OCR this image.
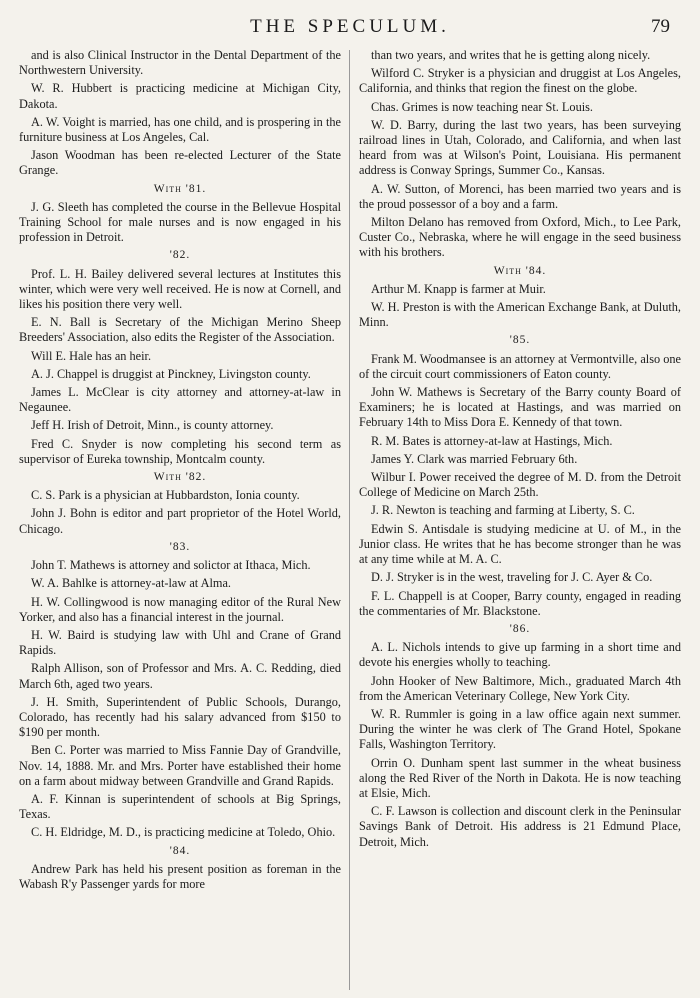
THE SPECULUM.	79

and is also Clinical Instructor in the Dental Department of the Northwestern University.

W. R. Hubbert is practicing medicine at Michigan City, Dakota.

A. W. Voight is married, has one child, and is prospering in the furniture business at Los Angeles, Cal.

Jason Woodman has been re-elected Lecturer of the State Grange.

With '81.

J. G. Sleeth has completed the course in the Bellevue Hospital Training School for male nurses and is now engaged in his profession in Detroit.

'82.

Prof. L. H. Bailey delivered several lectures at Institutes this winter, which were very well received. He is now at Cornell, and likes his position there very well.

E. N. Ball is Secretary of the Michigan Merino Sheep Breeders' Association, also edits the Register of the Association.

Will E. Hale has an heir.

A. J. Chappel is druggist at Pinckney, Livingston county.

James L. McClear is city attorney and attorney-at-law in Negaunee.

Jeff H. Irish of Detroit, Minn., is county attorney.

Fred C. Snyder is now completing his second term as supervisor of Eureka township, Montcalm county.

With '82.

C. S. Park is a physician at Hubbardston, Ionia county.

John J. Bohn is editor and part proprietor of the Hotel World, Chicago.

'83.

John T. Mathews is attorney and solictor at Ithaca, Mich.

W. A. Bahlke is attorney-at-law at Alma.

H. W. Collingwood is now managing editor of the Rural New Yorker, and also has a financial interest in the journal.

H. W. Baird is studying law with Uhl and Crane of Grand Rapids.

Ralph Allison, son of Professor and Mrs. A. C. Redding, died March 6th, aged two years.

J. H. Smith, Superintendent of Public Schools, Durango, Colorado, has recently had his salary advanced from $150 to $190 per month.

Ben C. Porter was married to Miss Fannie Day of Grandville, Nov. 14, 1888. Mr. and Mrs. Porter have established their home on a farm about midway between Grandville and Grand Rapids.

A. F. Kinnan is superintendent of schools at Big Springs, Texas.

C. H. Eldridge, M. D., is practicing medicine at Toledo, Ohio.

'84.

Andrew Park has held his present position as foreman in the Wabash R'y Passenger yards for more

than two years, and writes that he is getting along nicely.

Wilford C. Stryker is a physician and druggist at Los Angeles, California, and thinks that region the finest on the globe.

Chas. Grimes is now teaching near St. Louis.

W. D. Barry, during the last two years, has been surveying railroad lines in Utah, Colorado, and California, and when last heard from was at Wilson's Point, Louisiana. His permanent address is Conway Springs, Summer Co., Kansas.

A. W. Sutton, of Morenci, has been married two years and is the proud possessor of a boy and a farm.

Milton Delano has removed from Oxford, Mich., to Lee Park, Custer Co., Nebraska, where he will engage in the seed business with his brothers.

With '84.

Arthur M. Knapp is farmer at Muir.

W. H. Preston is with the American Exchange Bank, at Duluth, Minn.

'85.

Frank M. Woodmansee is an attorney at Vermontville, also one of the circuit court commissioners of Eaton county.

John W. Mathews is Secretary of the Barry county Board of Examiners; he is located at Hastings, and was married on February 14th to Miss Dora E. Kennedy of that town.

R. M. Bates is attorney-at-law at Hastings, Mich.

James Y. Clark was married February 6th.

Wilbur I. Power received the degree of M. D. from the Detroit College of Medicine on March 25th.

J. R. Newton is teaching and farming at Liberty, S. C.

Edwin S. Antisdale is studying medicine at U. of M., in the Junior class. He writes that he has become stronger than he was at any time while at M. A. C.

D. J. Stryker is in the west, traveling for J. C. Ayer & Co.

F. L. Chappell is at Cooper, Barry county, engaged in reading the commentaries of Mr. Blackstone.

'86.

A. L. Nichols intends to give up farming in a short time and devote his energies wholly to teaching.

John Hooker of New Baltimore, Mich., graduated March 4th from the American Veterinary College, New York City.

W. R. Rummler is going in a law office again next summer. During the winter he was clerk of The Grand Hotel, Spokane Falls, Washington Territory.

Orrin O. Dunham spent last summer in the wheat business along the Red River of the North in Dakota. He is now teaching at Elsie, Mich.

C. F. Lawson is collection and discount clerk in the Peninsular Savings Bank of Detroit. His address is 21 Edmund Place, Detroit, Mich.
